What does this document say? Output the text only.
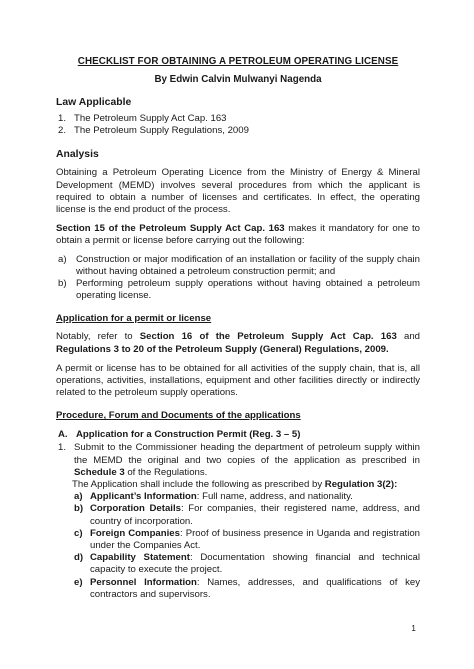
CHECKLIST FOR OBTAINING A PETROLEUM OPERATING LICENSE
By Edwin Calvin Mulwanyi Nagenda
Law Applicable
1. The Petroleum Supply Act Cap. 163
2. The Petroleum Supply Regulations, 2009
Analysis

Obtaining a Petroleum Operating Licence from the Ministry of Energy & Mineral Development (MEMD) involves several procedures from which the applicant is required to obtain a number of licenses and certificates. In effect, the operating license is the end product of the process.

Section 15 of the Petroleum Supply Act Cap. 163 makes it mandatory for one to obtain a permit or license before carrying out the following:

a) Construction or major modification of an installation or facility of the supply chain without having obtained a petroleum construction permit; and
b) Performing petroleum supply operations without having obtained a petroleum operating license.
Application for a permit or license

Notably, refer to Section 16 of the Petroleum Supply Act Cap. 163 and Regulations 3 to 20 of the Petroleum Supply (General) Regulations, 2009.

A permit or license has to be obtained for all activities of the supply chain, that is, all operations, activities, installations, equipment and other facilities directly or indirectly related to the petroleum supply operations.

Procedure, Forum and Documents of the applications
A. Application for a Construction Permit (Reg. 3 – 5)
1. Submit to the Commissioner heading the department of petroleum supply within the MEMD the original and two copies of the application as prescribed in Schedule 3 of the Regulations.
The Application shall include the following as prescribed by Regulation 3(2):
a) Applicant’s Information: Full name, address, and nationality.
b) Corporation Details: For companies, their registered name, address, and country of incorporation.
c) Foreign Companies: Proof of business presence in Uganda and registration under the Companies Act.
d) Capability Statement: Documentation showing financial and technical capacity to execute the project.
e) Personnel Information: Names, addresses, and qualifications of key contractors and supervisors.
1
